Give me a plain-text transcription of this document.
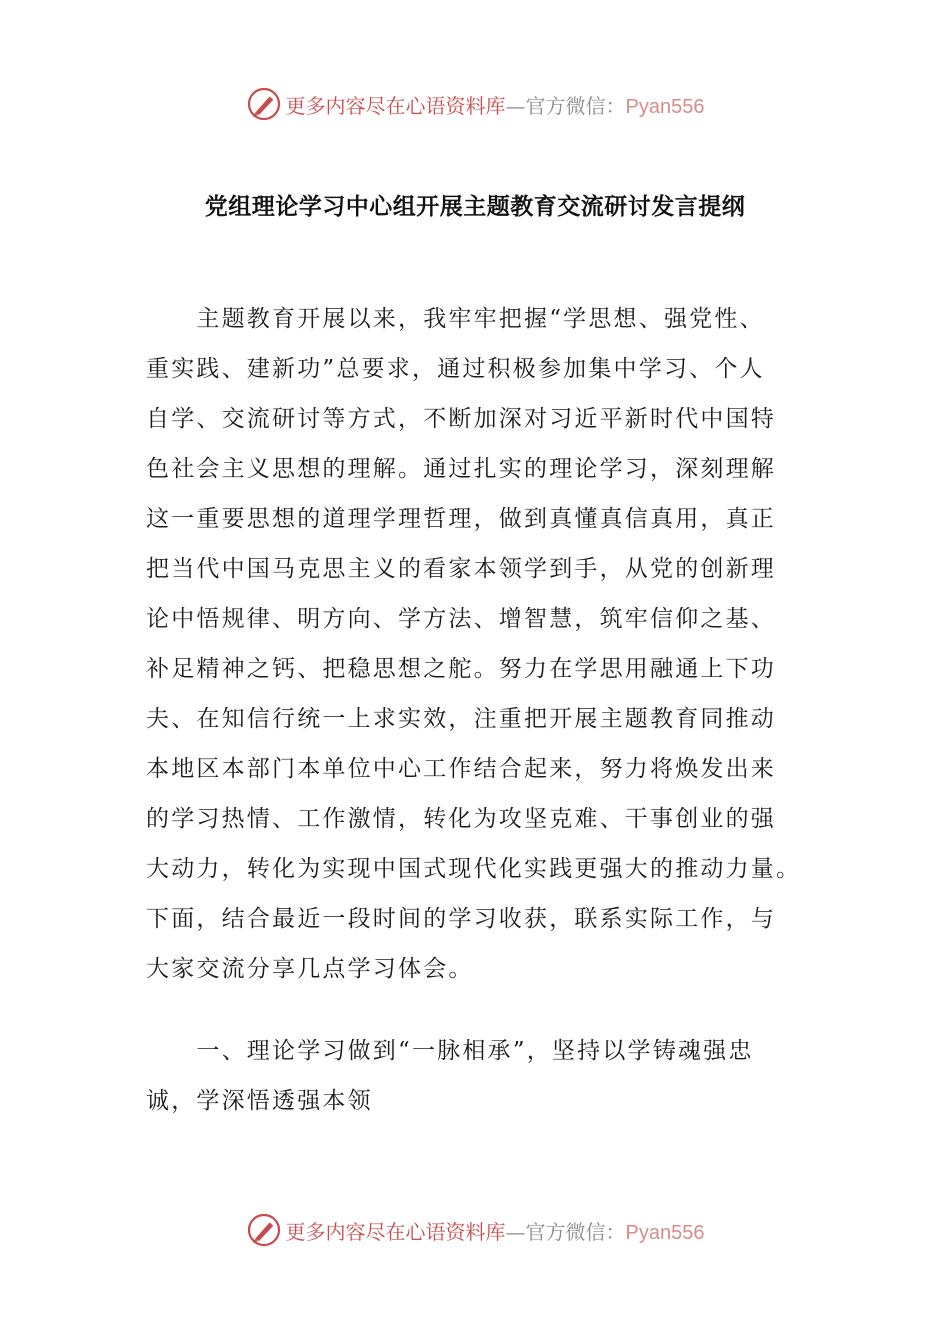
更多内容尽在心语资料库—官方微信：Pyan556
党组理论学习中心组开展主题教育交流研讨发言提纲

　　主题教育开展以来，我牢牢把握“学思想、强党性、
重实践、建新功”总要求，通过积极参加集中学习、个人
自学、交流研讨等方式，不断加深对习近平新时代中国特
色社会主义思想的理解。通过扎实的理论学习，深刻理解
这一重要思想的道理学理哲理，做到真懂真信真用，真正
把当代中国马克思主义的看家本领学到手，从党的创新理
论中悟规律、明方向、学方法、增智慧，筑牢信仰之基、
补足精神之钙、把稳思想之舵。努力在学思用融通上下功
夫、在知信行统一上求实效，注重把开展主题教育同推动
本地区本部门本单位中心工作结合起来，努力将焕发出来
的学习热情、工作激情，转化为攻坚克难、干事创业的强
大动力，转化为实现中国式现代化实践更强大的推动力量。
下面，结合最近一段时间的学习收获，联系实际工作，与
大家交流分享几点学习体会。

　　一、理论学习做到“一脉相承”，坚持以学铸魂强忠
诚，学深悟透强本领

更多内容尽在心语资料库—官方微信：Pyan556
